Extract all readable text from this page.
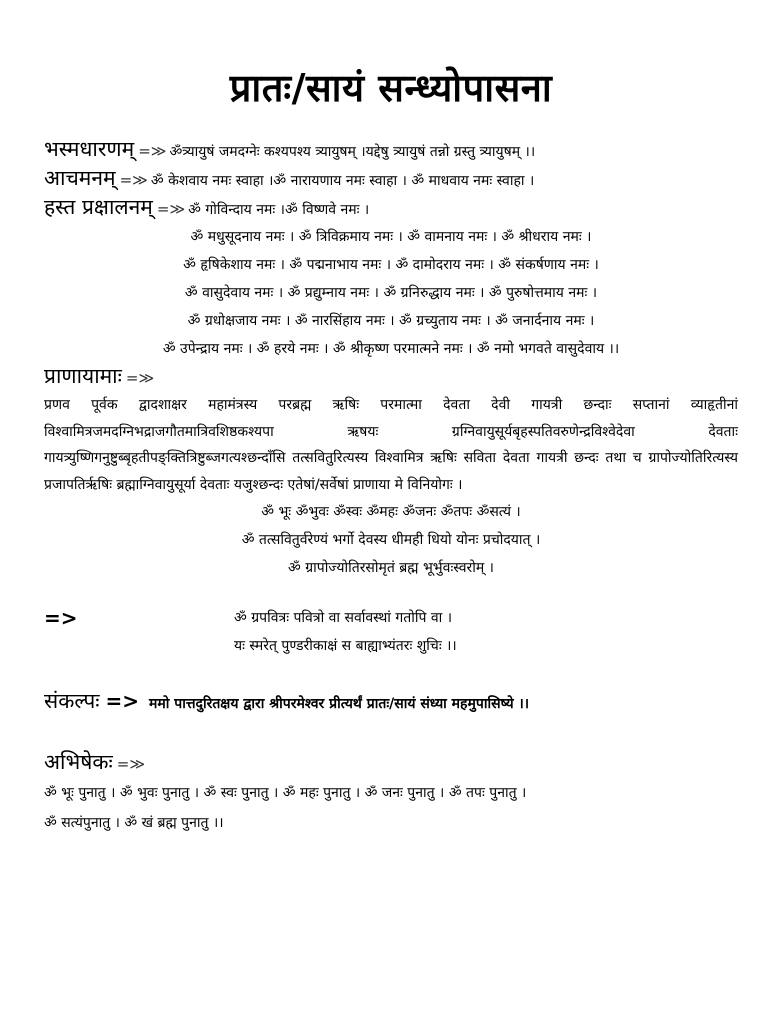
प्रातः/सायं सन्ध्योपासना
भस्मधारणम् =≫ ॐत्र्यायुषं जमदग्नेः कश्यपश्य त्र्यायुषम् ।यद्देषु त्र्यायुषं तन्नो ग्रस्तु त्र्यायुषम् ।।
आचमनम् =≫ ॐ केशवाय नमः स्वाहा ।ॐ नारायणाय नमः स्वाहा । ॐ माधवाय नमः स्वाहा ।
हस्त प्रक्षालनम् =≫ ॐ गोविन्दाय नमः ।ॐ विष्णवे नमः ।
ॐ मधुसूदनाय नमः । ॐ त्रिविक्रमाय नमः । ॐ वामनाय नमः । ॐ श्रीधराय नमः ।
ॐ हृषिकेशाय नमः । ॐ पद्मनाभाय नमः । ॐ दामोदराय नमः । ॐ संकर्षणाय नमः ।
ॐ वासुदेवाय नमः । ॐ प्रद्युम्नाय नमः । ॐ ग्रनिरुद्धाय नमः । ॐ पुरुषोत्तमाय नमः ।
ॐ ग्रधोक्षजाय नमः । ॐ नारसिंहाय नमः । ॐ ग्रच्युताय नमः । ॐ जनार्दनाय नमः ।
ॐ उपेन्द्राय नमः । ॐ हरये नमः । ॐ श्रीकृष्ण परमात्मने नमः । ॐ नमो भगवते वासुदेवाय ।।
प्राणायामाः =≫

प्रणव पूर्वक द्वादशाक्षर महामंत्रस्य परब्रह्म ऋषिः परमात्मा देवता देवी गायत्री छन्दाः सप्तानां व्याहृतीनां विश्वामित्रजमदग्निभद्राजगौतमात्रिवशिष्ठकश्यपा ऋषयः ग्रग्निवायुसूर्यबृहस्पतिवरुणेन्द्रविश्वेदेवा देवताः गायत्र्युष्णिगनुष्टुब्बृहतीपङ्क्तित्रिष्टुब्जगत्यश्छन्दाँसि तत्सवितुरित्यस्य विश्वामित्र ऋषिः सविता देवता गायत्री छन्दः तथा च ग्रापोज्योतिरित्यस्य प्रजापतिर्ऋषिः ब्रह्माग्निवायुसूर्या देवताः यजुश्छन्दः एतेषां/सर्वेषां प्राणाया मे विनियोगः ।

ॐ भूः ॐभुवः ॐस्वः ॐमहः ॐजनः ॐतपः ॐसत्यं ।
ॐ तत्सवितुर्वरेण्यं भर्गो देवस्य धीमही धियो योनः प्रचोदयात् ।
ॐ ग्रापोज्योतिरसोमृतं ब्रह्म भूर्भुवःस्वरोम् ।
=>	ॐ ग्रपवित्रः पवित्रो वा सर्वावस्थां गतोपि वा ।
यः स्मरेत् पुण्डरीकाक्षं स बाह्याभ्यंतरः शुचिः ।।
संकल्पः => ममो पात्तदुरितक्षय द्वारा श्रीपरमेश्वर प्रीत्यर्थं प्रातः/सायं संध्या महमुपासिष्ये ।।
अभिषेकः =≫
ॐ भूः पुनातु । ॐ भुवः पुनातु । ॐ स्वः पुनातु । ॐ महः पुनातु । ॐ जनः पुनातु । ॐ तपः पुनातु ।
ॐ सत्यंपुनातु । ॐ खं ब्रह्म पुनातु ।।
